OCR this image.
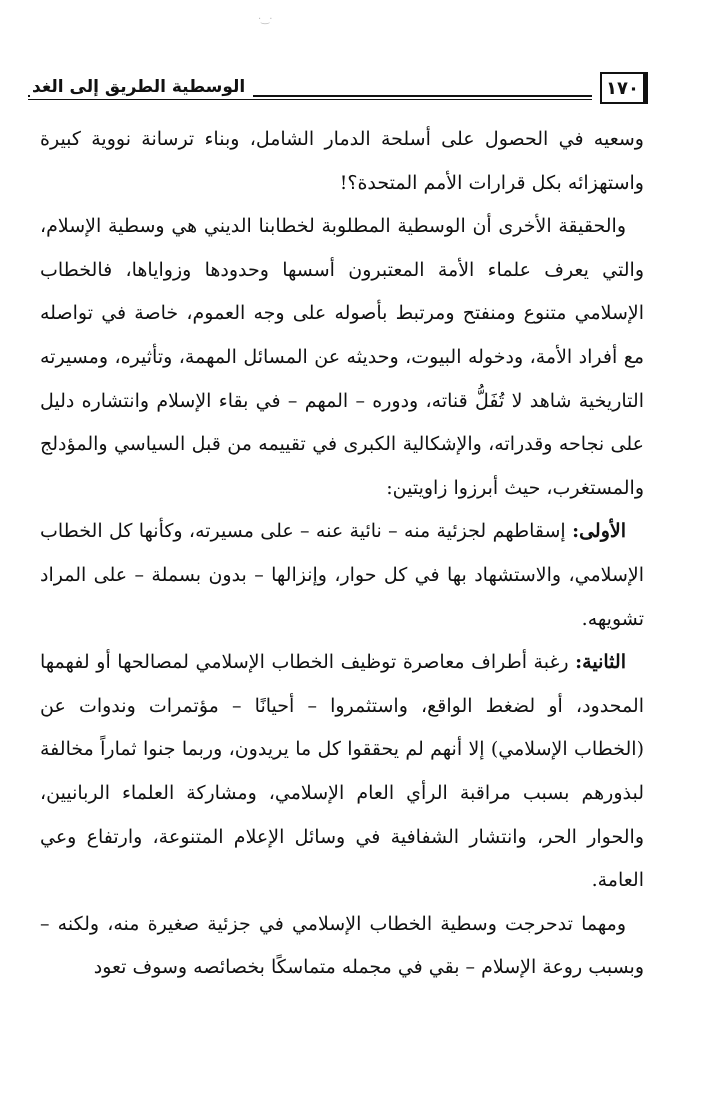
·‿·
الوسطية الطريق إلى الغد	١٧٠

وسعيه في الحصول على أسلحة الدمار الشامل، وبناء ترسانة نووية كبيرة واستهزائه بكل قرارات الأمم المتحدة؟!

والحقيقة الأخرى أن الوسطية المطلوبة لخطابنا الديني هي وسطية الإسلام، والتي يعرف علماء الأمة المعتبرون أسسها وحدودها وزواياها، فالخطاب الإسلامي متنوع ومنفتح ومرتبط بأصوله على وجه العموم، خاصة في تواصله مع أفراد الأمة، ودخوله البيوت، وحديثه عن المسائل المهمة، وتأثيره، ومسيرته التاريخية شاهد لا تُفَلُّ قناته، ودوره – المهم – في بقاء الإسلام وانتشاره دليل على نجاحه وقدراته، والإشكالية الكبرى في تقييمه من قبل السياسي والمؤدلج والمستغرب، حيث أبرزوا زاويتين:

الأولى: إسقاطهم لجزئية منه – نائية عنه – على مسيرته، وكأنها كل الخطاب الإسلامي، والاستشهاد بها في كل حوار، وإنزالها – بدون بسملة – على المراد تشويهه.

الثانية: رغبة أطراف معاصرة توظيف الخطاب الإسلامي لمصالحها أو لفهمها المحدود، أو لضغط الواقع، واستثمروا – أحيانًا – مؤتمرات وندوات عن (الخطاب الإسلامي) إلا أنهم لم يحققوا كل ما يريدون، وربما جنوا ثماراً مخالفة لبذورهم بسبب مراقبة الرأي العام الإسلامي، ومشاركة العلماء الربانيين، والحوار الحر، وانتشار الشفافية في وسائل الإعلام المتنوعة، وارتفاع وعي العامة.

ومهما تدحرجت وسطية الخطاب الإسلامي في جزئية صغيرة منه، ولكنه – وبسبب روعة الإسلام – بقي في مجمله متماسكًا بخصائصه وسوف تعود
